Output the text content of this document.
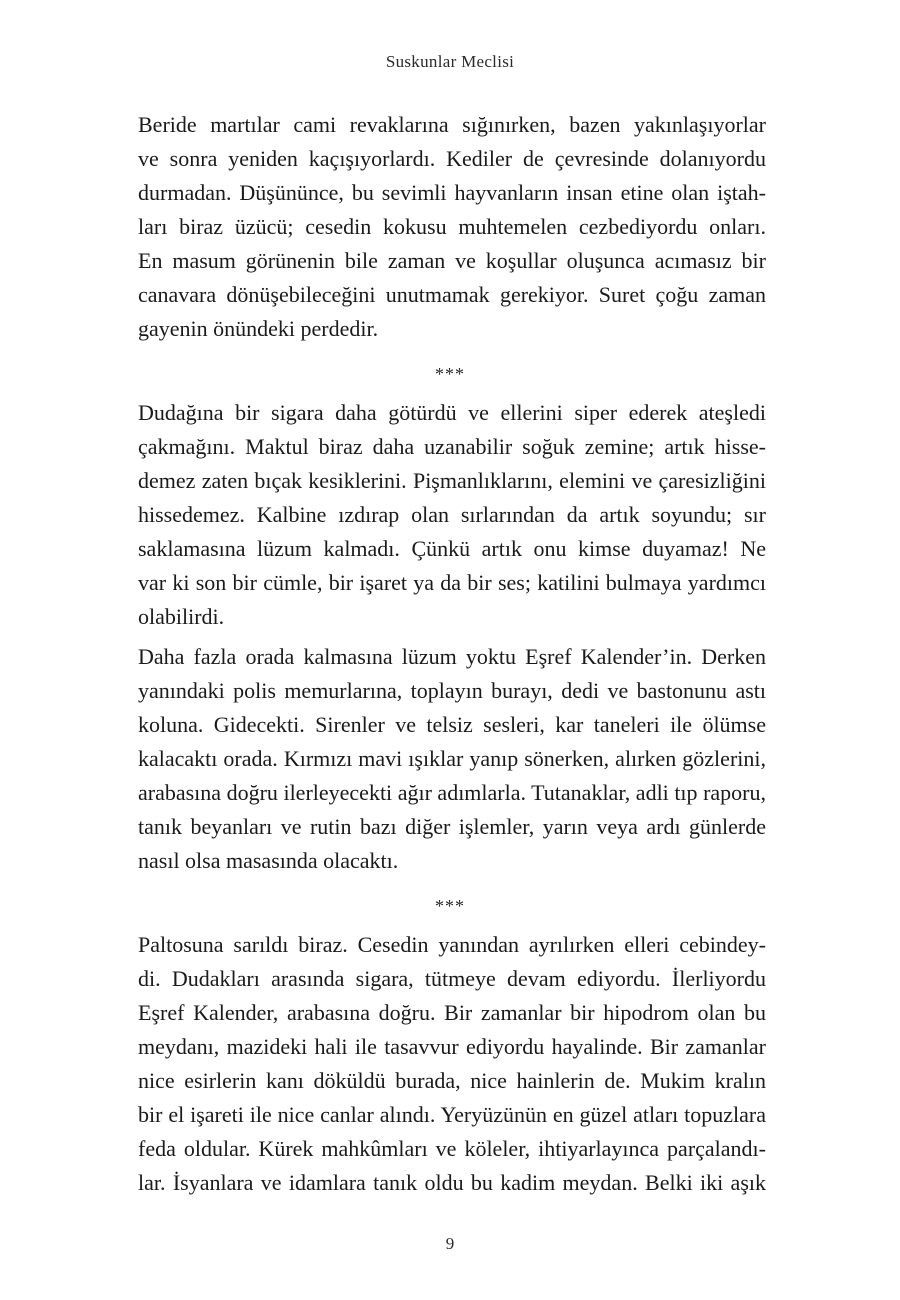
Suskunlar Meclisi
Beride martılar cami revaklarına sığınırken, bazen yakınlaşıyorlar
ve sonra yeniden kaçışıyorlardı. Kediler de çevresinde dolanıyordu
durmadan. Düşününce, bu sevimli hayvanların insan etine olan iştah-
ları biraz üzücü; cesedin kokusu muhtemelen cezbediyordu onları.
En masum görünenin bile zaman ve koşullar oluşunca acımasız bir
canavara dönüşebileceğini unutmamak gerekiyor. Suret çoğu zaman
gayenin önündeki perdedir.
***
Dudağına bir sigara daha götürdü ve ellerini siper ederek ateşledi
çakmağını. Maktul biraz daha uzanabilir soğuk zemine; artık hisse-
demez zaten bıçak kesiklerini. Pişmanlıklarını, elemini ve çaresizliğini
hissedemez. Kalbine ızdırap olan sırlarından da artık soyundu; sır
saklamasına lüzum kalmadı. Çünkü artık onu kimse duyamaz! Ne
var ki son bir cümle, bir işaret ya da bir ses; katilini bulmaya yardımcı
olabilirdi.
Daha fazla orada kalmasına lüzum yoktu Eşref Kalender’in. Derken
yanındaki polis memurlarına, toplayın burayı, dedi ve bastonunu astı
koluna. Gidecekti. Sirenler ve telsiz sesleri, kar taneleri ile ölümse
kalacaktı orada. Kırmızı mavi ışıklar yanıp sönerken, alırken gözlerini,
arabasına doğru ilerleyecekti ağır adımlarla. Tutanaklar, adli tıp raporu,
tanık beyanları ve rutin bazı diğer işlemler, yarın veya ardı günlerde
nasıl olsa masasında olacaktı.
***
Paltosuna sarıldı biraz. Cesedin yanından ayrılırken elleri cebindey-
di. Dudakları arasında sigara, tütmeye devam ediyordu. İlerliyordu
Eşref Kalender, arabasına doğru. Bir zamanlar bir hipodrom olan bu
meydanı, mazideki hali ile tasavvur ediyordu hayalinde. Bir zamanlar
nice esirlerin kanı döküldü burada, nice hainlerin de. Mukim kralın
bir el işareti ile nice canlar alındı. Yeryüzünün en güzel atları topuzlara
feda oldular. Kürek mahkûmları ve köleler, ihtiyarlayınca parçalandı-
lar. İsyanlara ve idamlara tanık oldu bu kadim meydan. Belki iki aşık
9
